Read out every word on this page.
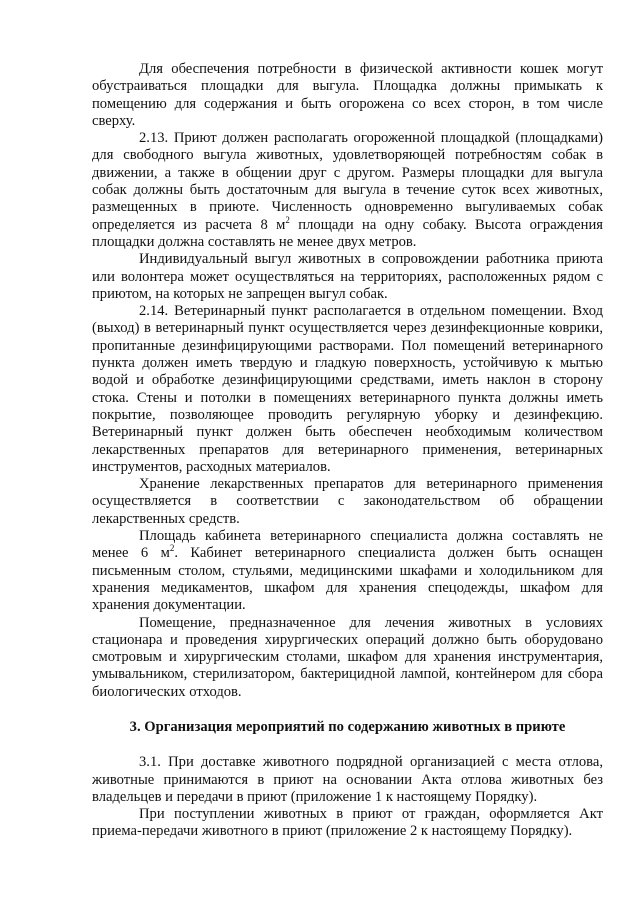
Для обеспечения потребности в физической активности кошек могут обустраиваться площадки для выгула. Площадка должны примыкать к помещению для содержания и быть огорожена со всех сторон, в том числе сверху.

2.13. Приют должен располагать огороженной площадкой (площадками) для свободного выгула животных, удовлетворяющей потребностям собак в движении, а также в общении друг с другом. Размеры площадки для выгула собак должны быть достаточным для выгула в течение суток всех животных, размещенных в приюте. Численность одновременно выгуливаемых собак определяется из расчета 8 $м^2$ площади на одну собаку. Высота ограждения площадки должна составлять не менее двух метров.

Индивидуальный выгул животных в сопровождении работника приюта или волонтера может осуществляться на территориях, расположенных рядом с приютом, на которых не запрещен выгул собак.

2.14. Ветеринарный пункт располагается в отдельном помещении. Вход (выход) в ветеринарный пункт осуществляется через дезинфекционные коврики, пропитанные дезинфицирующими растворами. Пол помещений ветеринарного пункта должен иметь твердую и гладкую поверхность, устойчивую к мытью водой и обработке дезинфицирующими средствами, иметь наклон в сторону стока. Стены и потолки в помещениях ветеринарного пункта должны иметь покрытие, позволяющее проводить регулярную уборку и дезинфекцию. Ветеринарный пункт должен быть обеспечен необходимым количеством лекарственных препаратов для ветеринарного применения, ветеринарных инструментов, расходных материалов.

Хранение лекарственных препаратов для ветеринарного применения осуществляется в соответствии с законодательством об обращении лекарственных средств.

Площадь кабинета ветеринарного специалиста должна составлять не менее 6 $м^2$. Кабинет ветеринарного специалиста должен быть оснащен письменным столом, стульями, медицинскими шкафами и холодильником для хранения медикаментов, шкафом для хранения спецодежды, шкафом для хранения документации.

Помещение, предназначенное для лечения животных в условиях стационара и проведения хирургических операций должно быть оборудовано смотровым и хирургическим столами, шкафом для хранения инструментария, умывальником, стерилизатором, бактерицидной лампой, контейнером для сбора биологических отходов.

3. Организация мероприятий по содержанию животных в приюте

3.1. При доставке животного подрядной организацией с места отлова, животные принимаются в приют на основании Акта отлова животных без владельцев и передачи в приют (приложение 1 к настоящему Порядку).

При поступлении животных в приют от граждан, оформляется Акт приема-передачи животного в приют (приложение 2 к настоящему Порядку).
